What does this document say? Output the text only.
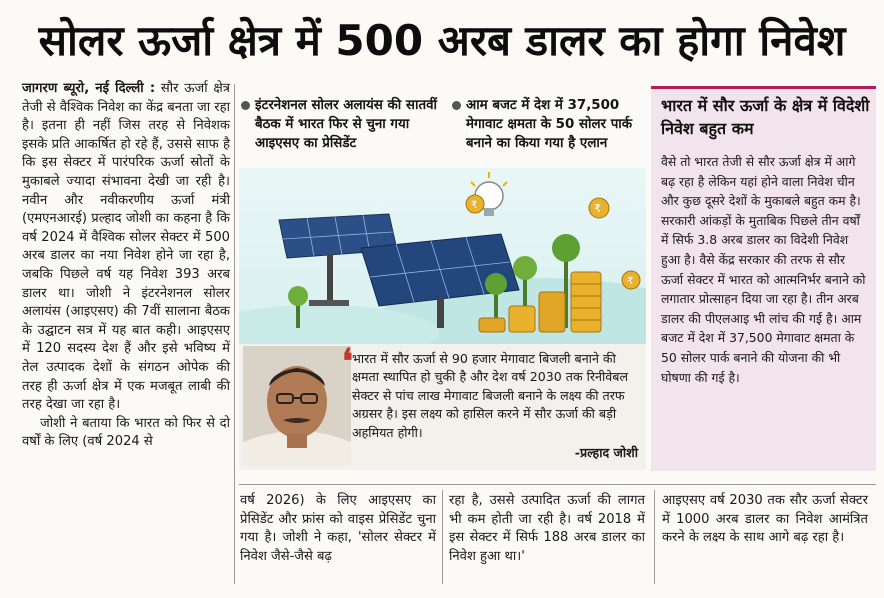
सोलर ऊर्जा क्षेत्र में 500 अरब डालर का होगा निवेश

जागरण ब्यूरो, नई दिल्ली : सौर ऊर्जा क्षेत्र तेजी से वैश्विक निवेश का केंद्र बनता जा रहा है। इतना ही नहीं जिस तरह से निवेशक इसके प्रति आकर्षित हो रहे हैं, उससे साफ है कि इस सेक्टर में पारंपरिक ऊर्जा स्रोतों के मुकाबले ज्यादा संभावना देखी जा रही है। नवीन और नवीकरणीय ऊर्जा मंत्री (एमएनआरई) प्रल्हाद जोशी का कहना है कि वर्ष 2024 में वैश्विक सोलर सेक्टर में 500 अरब डालर का नया निवेश होने जा रहा है, जबकि पिछले वर्ष यह निवेश 393 अरब डालर था। जोशी ने इंटरनेशनल सोलर अलायंस (आइएसए) की 7वीं सालाना बैठक के उद्घाटन सत्र में यह बात कही। आइएसए में 120 सदस्य देश हैं और इसे भविष्य में तेल उत्पादक देशों के संगठन ओपेक की तरह ही ऊर्जा क्षेत्र में एक मजबूत लाबी की तरह देखा जा रहा है।

जोशी ने बताया कि भारत को फिर से दो वर्षों के लिए (वर्ष 2024 से

इंटरनेशनल सोलर अलायंस की सातवीं बैठक में भारत फिर से चुना गया आइएसए का प्रेसिडेंट
आम बजट में देश में 37,500 मेगावाट क्षमता के 50 सोलर पार्क बनाने का किया गया है एलान
₹	₹
₹
❛ भारत में सौर ऊर्जा से 90 हजार मेगावाट बिजली बनाने की क्षमता स्थापित हो चुकी है और देश वर्ष 2030 तक रिनीवेबल सेक्टर से पांच लाख मेगावाट बिजली बनाने के लक्ष्य की तरफ अग्रसर है। इस लक्ष्य को हासिल करने में सौर ऊर्जा की बड़ी अहमियत होगी।
-प्रल्हाद जोशी
भारत में सौर ऊर्जा के क्षेत्र में विदेशी निवेश बहुत कम
वैसे तो भारत तेजी से सौर ऊर्जा क्षेत्र में आगे बढ़ रहा है लेकिन यहां होने वाला निवेश चीन और कुछ दूसरे देशों के मुकाबले बहुत कम है। सरकारी आंकड़ों के मुताबिक पिछले तीन वर्षों में सिर्फ 3.8 अरब डालर का विदेशी निवेश हुआ है। वैसे केंद्र सरकार की तरफ से सौर ऊर्जा सेक्टर में भारत को आत्मनिर्भर बनाने को लगातार प्रोत्साहन दिया जा रहा है। तीन अरब डालर की पीएलआइ भी लांच की गई है। आम बजट में देश में 37,500 मेगावाट क्षमता के 50 सोलर पार्क बनाने की योजना की भी घोषणा की गई है।
वर्ष 2026) के लिए आइएसए का प्रेसिडेंट और फ्रांस को वाइस प्रेसिडेंट चुना गया है। जोशी ने कहा, 'सोलर सेक्टर में निवेश जैसे-जैसे बढ़
रहा है, उससे उत्पादित ऊर्जा की लागत भी कम होती जा रही है। वर्ष 2018 में इस सेक्टर में सिर्फ 188 अरब डालर का निवेश हुआ था।'
आइएसए वर्ष 2030 तक सौर ऊर्जा सेक्टर में 1000 अरब डालर का निवेश आमंत्रित करने के लक्ष्य के साथ आगे बढ़ रहा है।
